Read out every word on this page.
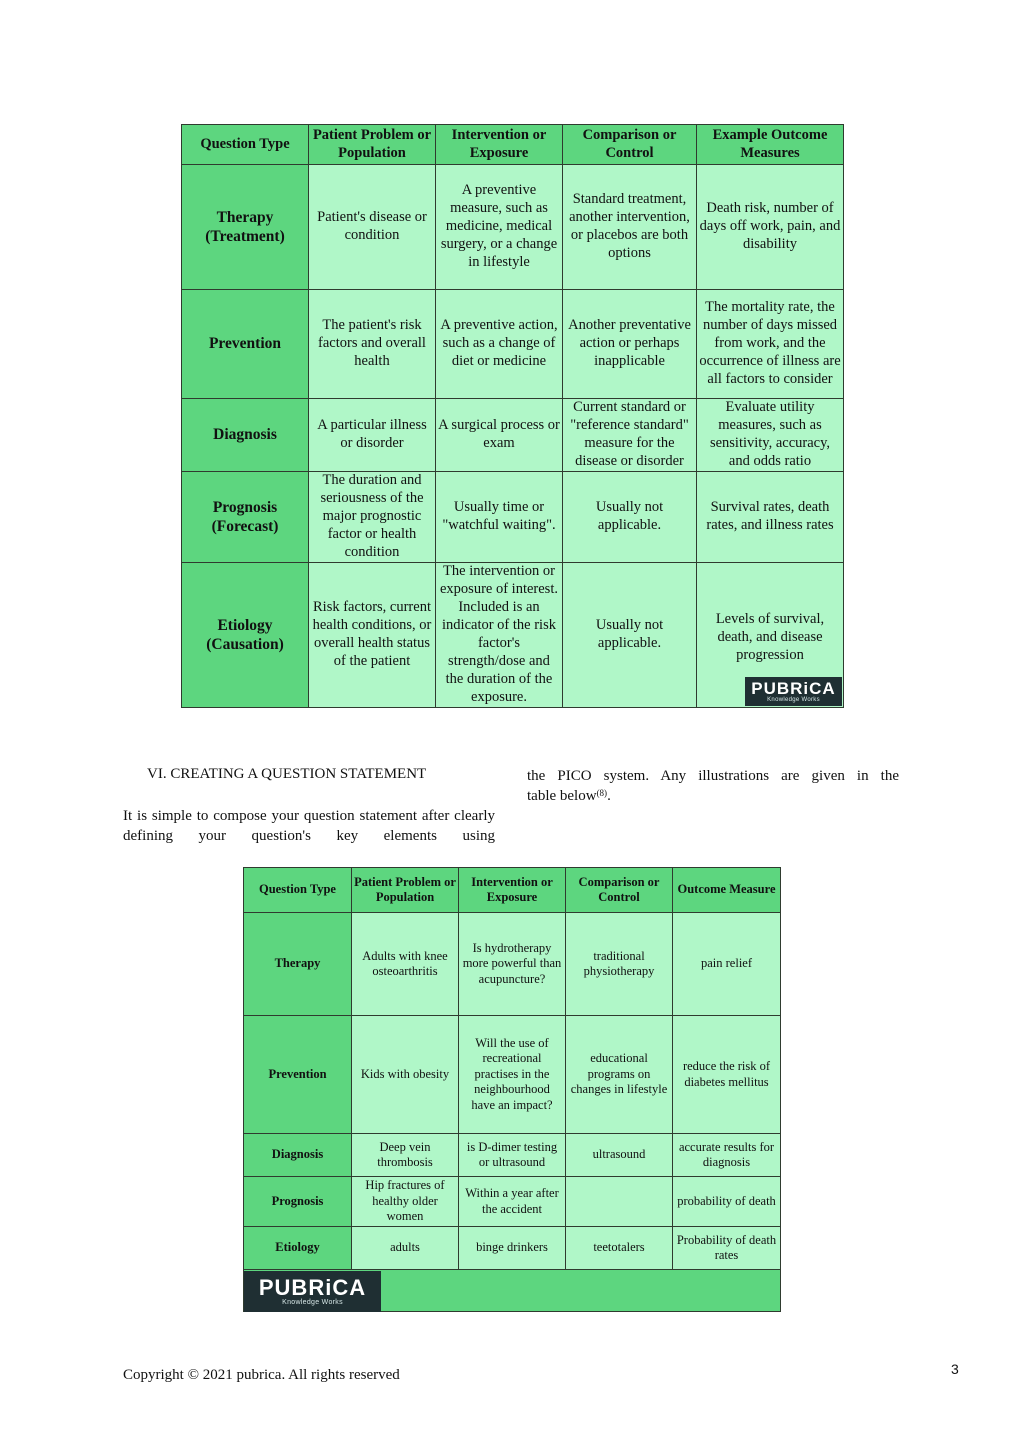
Question Type	Patient Problem or Population	Intervention or Exposure	Comparison or Control	Example Outcome Measures
Therapy (Treatment)	Patient's disease or condition	A preventive measure, such as medicine, medical surgery, or a change in lifestyle	Standard treatment, another intervention, or placebos are both options	Death risk, number of days off work, pain, and disability
Prevention	The patient's risk factors and overall health	A preventive action, such as a change of diet or medicine	Another preventative action or perhaps inapplicable	The mortality rate, the number of days missed from work, and the occurrence of illness are all factors to consider
Diagnosis	A particular illness or disorder	A surgical process or exam	Current standard or "reference standard" measure for the disease or disorder	Evaluate utility measures, such as sensitivity, accuracy, and odds ratio
Prognosis (Forecast)	The duration and seriousness of the major prognostic factor or health condition	Usually time or "watchful waiting".	Usually not applicable.	Survival rates, death rates, and illness rates
Etiology (Causation)	Risk factors, current health conditions, or overall health status of the patient	The intervention or exposure of interest. Included is an indicator of the risk factor's strength/dose and the duration of the exposure.	Usually not applicable.	Levels of survival, death, and disease progression
PUBRiCA
Knowledge Works
VI. CREATING A QUESTION STATEMENT
It is simple to compose your question statement after clearly defining your question's key elements using
the PICO system. Any illustrations are given in the
table below$^{(8)}$.
Question Type	Patient Problem or Population	Intervention or Exposure	Comparison or Control	Outcome Measure
Therapy	Adults with knee osteoarthritis	Is hydrotherapy more powerful than acupuncture?	traditional physiotherapy	pain relief
Prevention	Kids with obesity	Will the use of recreational practises in the neighbourhood have an impact?	educational programs on changes in lifestyle	reduce the risk of diabetes mellitus
Diagnosis	Deep vein thrombosis	is D-dimer testing or ultrasound	ultrasound	accurate results for diagnosis
Prognosis	Hip fractures of healthy older women	Within a year after the accident		probability of death
Etiology	adults	binge drinkers	teetotalers	Probability of death rates

PUBRiCA
Knowledge Works
Copyright © 2021 pubrica. All rights reserved	3
